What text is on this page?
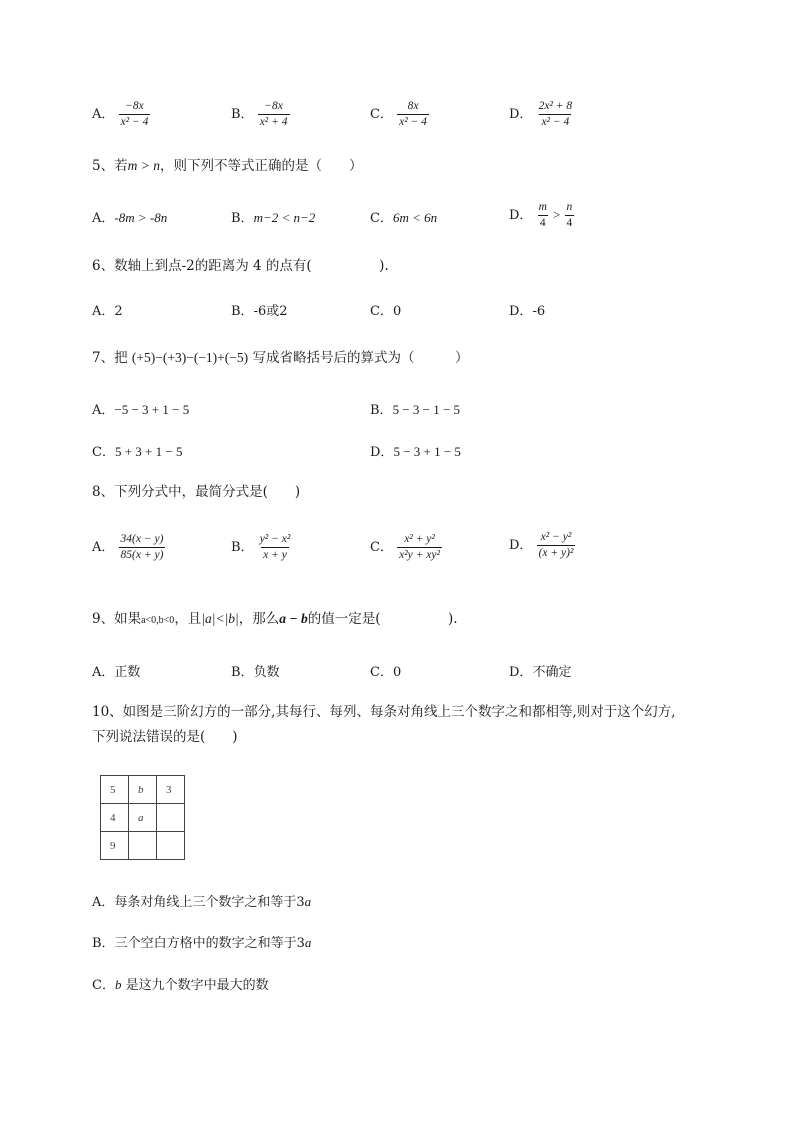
A． $\frac{-8x}{\text{x² − 4}}$	B． $\frac{-8x}{\text{x² + 4}}$	C． $\frac{8x}{\text{x² − 4}}$	D． $\frac{\text{2x² + 8}}{\text{x² − 4}}$
5、若m > n，则下列不等式正确的是（　　）
A．-8m > -8n	B．m−2 < n−2	C．6m < 6n	D． $\frac{m}{4} > \frac{n}{4}$
6、数轴上到点-2的距离为 4 的点有(　　　　　).
A．2	B．-6或2	C．0	D．-6
7、把 (+5)−(+3)−(−1)+(−5) 写成省略括号后的算式为（　　　）
A．−5 − 3 + 1 − 5	B．5 − 3 − 1 − 5
C．5 + 3 + 1 − 5	D．5 − 3 + 1 − 5
8、下列分式中，最简分式是(　　)
A． $\frac{34(x - y)}{85(x + y)}$	B． $\frac{\text{y² − x²}}{x + y}$	C． $\frac{\text{x² + y²}}{\text{x²y + xy²}}$	D． $\frac{\text{x² − y²}}{\text{(x + y)²}}$
9、如果a<0,b<0，且|a|<|b|，那么a − b的值一定是(　　　　　).
A．正数	B．负数	C．0	D．不确定
10、如图是三阶幻方的一部分,其每行、每列、每条对角线上三个数字之和都相等,则对于这个幻方,
下列说法错误的是(　　)
5	b	3
4	a	
9		
A．每条对角线上三个数字之和等于3a
B．三个空白方格中的数字之和等于3a
C．b 是这九个数字中最大的数
